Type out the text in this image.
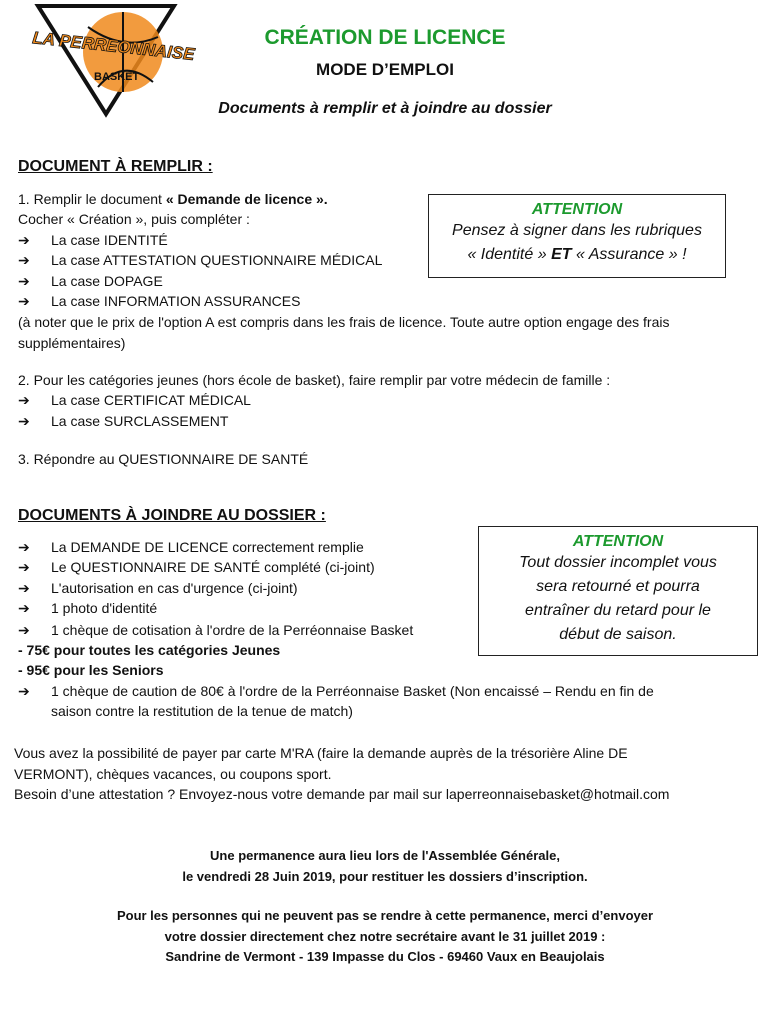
LA PERREONNAISE
BASKET
CRÉATION DE LICENCE
MODE D’EMPLOI
Documents à remplir et à joindre au dossier
DOCUMENT À REMPLIR :
1. Remplir le document « Demande de licence ».
Cocher « Création », puis compléter :
➔ La case IDENTITÉ
➔ La case ATTESTATION QUESTIONNAIRE MÉDICAL
➔ La case DOPAGE
➔ La case INFORMATION ASSURANCES
(à noter que le prix de l'option A est compris dans les frais de licence. Toute autre option engage des frais
supplémentaires)
2. Pour les catégories jeunes (hors école de basket), faire remplir par votre médecin de famille :
➔ La case CERTIFICAT MÉDICAL
➔ La case SURCLASSEMENT
3. Répondre au QUESTIONNAIRE DE SANTÉ
ATTENTION
Pensez à signer dans les rubriques
« Identité » ET « Assurance » !
DOCUMENTS À JOINDRE AU DOSSIER :
➔ La DEMANDE DE LICENCE correctement remplie
➔ Le QUESTIONNAIRE DE SANTÉ complété (ci-joint)
➔ L'autorisation en cas d'urgence (ci-joint)
➔ 1 photo d'identité
➔ 1 chèque de cotisation à l'ordre de la Perréonnaise Basket
- 75€ pour toutes les catégories Jeunes
- 95€ pour les Seniors
➔ 1 chèque de caution de 80€ à l'ordre de la Perréonnaise Basket (Non encaissé – Rendu en fin de
saison contre la restitution de la tenue de match)
ATTENTION
Tout dossier incomplet vous
sera retourné et pourra
entraîner du retard pour le
début de saison.
Vous avez la possibilité de payer par carte M'RA (faire la demande auprès de la trésorière Aline DE
VERMONT), chèques vacances, ou coupons sport.
Besoin d’une attestation ? Envoyez-nous votre demande par mail sur laperreonnaisebasket@hotmail.com
Une permanence aura lieu lors de l'Assemblée Générale,
le vendredi 28 Juin 2019, pour restituer les dossiers d’inscription.
Pour les personnes qui ne peuvent pas se rendre à cette permanence, merci d’envoyer
votre dossier directement chez notre secrétaire avant le 31 juillet 2019 :
Sandrine de Vermont - 139 Impasse du Clos - 69460 Vaux en Beaujolais
